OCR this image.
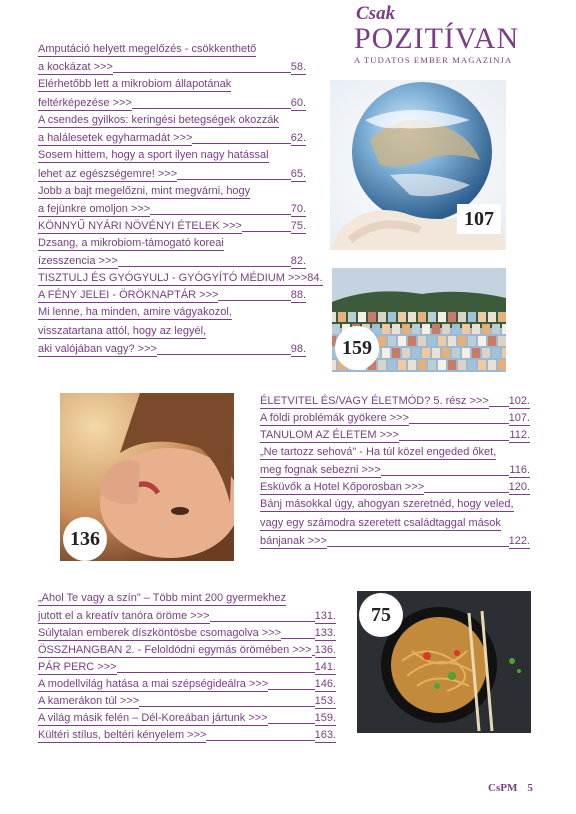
Csak
POZITÍVAN
A TUDATOS EMBER MAGAZINJA
Amputáció helyett megelőzés - csökkenthető
a kockázat >>>	58.
Elérhetőbb lett a mikrobiom állapotának
feltérképezése >>>	60.
A csendes gyilkos: keringési betegségek okozzák
a halálesetek egyharmadát >>>	62.
Sosem hittem, hogy a sport ilyen nagy hatással
lehet az egészségemre! >>>	65.
Jobb a bajt megelőzni, mint megvárni, hogy
a fejünkre omoljon >>>	70.
KÖNNYŰ NYÁRI NÖVÉNYI ÉTELEK >>>	75.
Dzsang, a mikrobiom-támogató koreai
ízesszencia >>>	82.
TISZTULJ ÉS GYÓGYULJ - GYÓGYÍTÓ MÉDIUM >>> 84.
A FÉNY JELEI - ÖRÖKNAPTÁR >>>	88.
Mi lenne, ha minden, amire vágyakozol,
visszatartana attól, hogy az legyél,
aki valójában vagy? >>>	98.
ÉLETVITEL ÉS/VAGY ÉLETMÓD? 5. rész >>> 102.
A földi problémák gyökere >>>	107.
TANULOM AZ ÉLETEM >>>	112.
„Ne tartozz sehová" - Ha túl közel engeded őket,
meg fognak sebezni >>>	116.
Esküvők a Hotel Kőporosban >>>	120.
Bánj másokkal úgy, ahogyan szeretnéd, hogy veled,
vagy egy számodra szeretett családtaggal mások
bánjanak >>>	122.
„Ahol Te vagy a szín" – Több mint 200 gyermekhez
jutott el a kreatív tanóra öröme >>>	131.
Súlytalan emberek díszköntösbe csomagolva >>>	133.
ÖSSZHANGBAN 2. - Feloldódni egymás örömében >>> 136.
PÁR PERC >>>	141.
A modellvilág hatása a mai szépségideálra >>>	146.
A kamerákon túl >>>	153.
A világ másik felén – Dél-Koreában jártunk >>>	159.
Kültéri stílus, beltéri kényelem >>>	163.
107
159
136
75
CsPM 5
